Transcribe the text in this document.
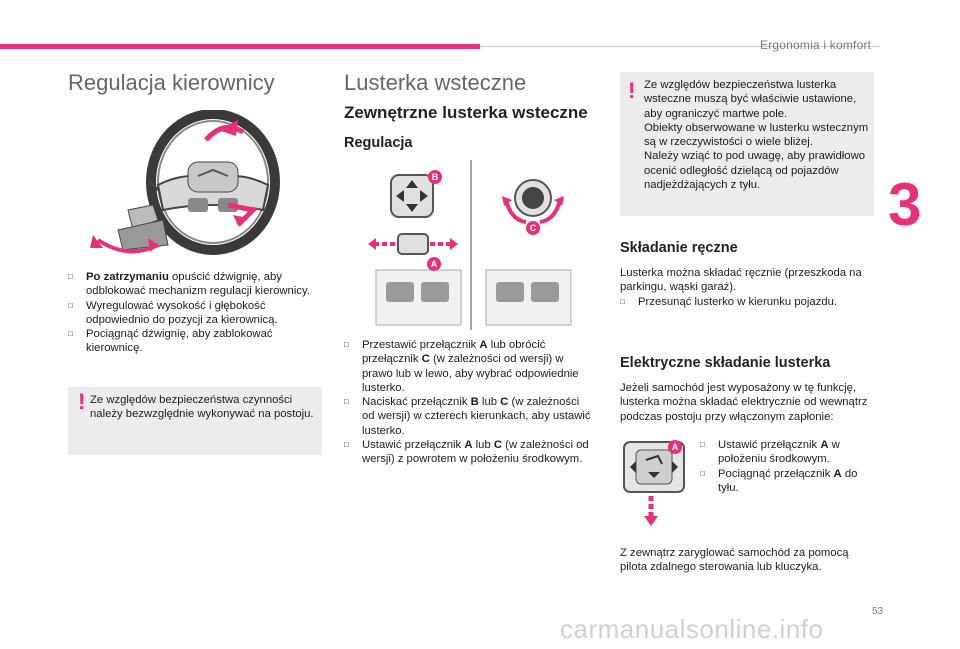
Ergonomia i komfort
3
Regulacja kierownicy
□ Po zatrzymaniu opuścić dźwignię, aby odblokować mechanizm regulacji kierownicy.
□ Wyregulować wysokość i głębokość odpowiednio do pozycji za kierownicą.
□ Pociągnąć dźwignię, aby zablokować kierownicę.
! Ze względów bezpieczeństwa czynności należy bezwzględnie wykonywać na postoju.
Lusterka wsteczne
Zewnętrzne lusterka wsteczne
Regulacja
B
C
A
□ Przestawić przełącznik A lub obrócić przełącznik C (w zależności od wersji) w prawo lub w lewo, aby wybrać odpowiednie lusterko.
□ Naciskać przełącznik B lub C (w zależności od wersji) w czterech kierunkach, aby ustawić lusterko.
□ Ustawić przełącznik A lub C (w zależności od wersji) z powrotem w położeniu środkowym.
! Ze względów bezpieczeństwa lusterka wsteczne muszą być właściwie ustawione, aby ograniczyć martwe pole.
Obiekty obserwowane w lusterku wstecznym są w rzeczywistości o wiele bliżej.
Należy wziąć to pod uwagę, aby prawidłowo ocenić odległość dzielącą od pojazdów nadjeżdżających z tyłu.
Składanie ręczne
Lusterka można składać ręcznie (przeszkoda na parkingu, wąski garaż).
□ Przesunąć lusterko w kierunku pojazdu.
Elektryczne składanie lusterka
Jeżeli samochód jest wyposażony w tę funkcję, lusterka można składać elektrycznie od wewnątrz podczas postoju przy włączonym zapłonie:
A
□	Ustawić przełącznik A w położeniu środkowym.
□ Pociągnąć przełącznik A do tyłu.
Z zewnątrz zaryglować samochód za pomocą pilota zdalnego sterowania lub kluczyka.
53
carmanualsonline.info
